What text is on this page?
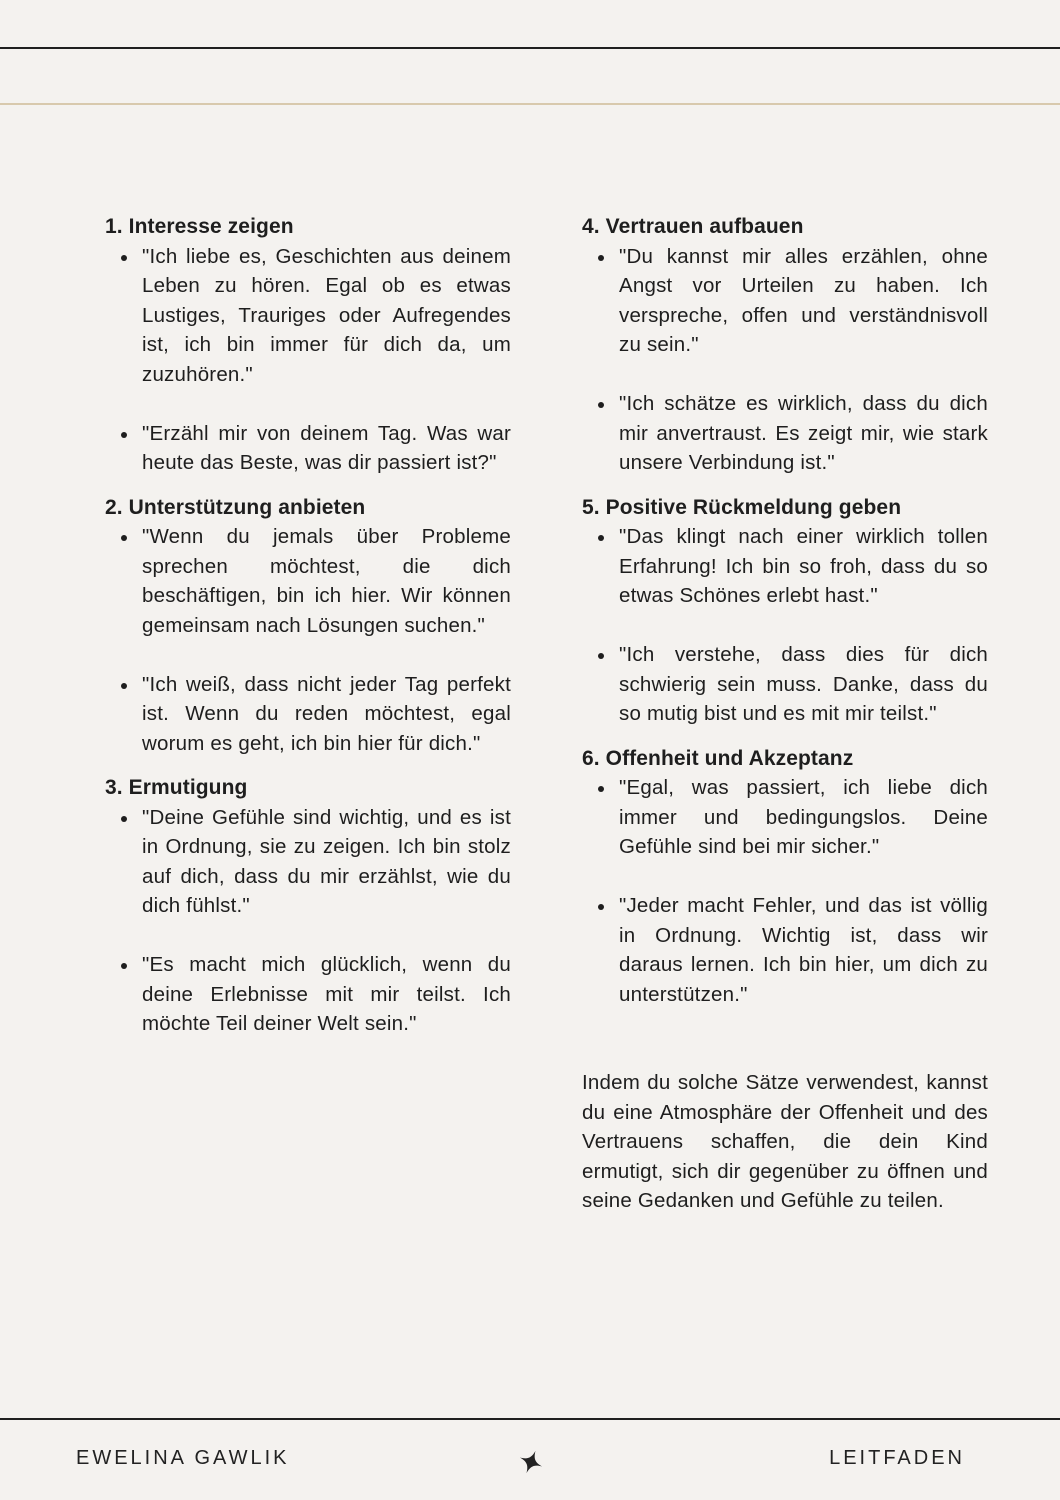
1. Interesse zeigen
"Ich liebe es, Geschichten aus deinem Leben zu hören. Egal ob es etwas Lustiges, Trauriges oder Aufregendes ist, ich bin immer für dich da, um zuzuhören."
"Erzähl mir von deinem Tag. Was war heute das Beste, was dir passiert ist?"
2. Unterstützung anbieten
"Wenn du jemals über Probleme sprechen möchtest, die dich beschäftigen, bin ich hier. Wir können gemeinsam nach Lösungen suchen."
"Ich weiß, dass nicht jeder Tag perfekt ist. Wenn du reden möchtest, egal worum es geht, ich bin hier für dich."
3. Ermutigung
"Deine Gefühle sind wichtig, und es ist in Ordnung, sie zu zeigen. Ich bin stolz auf dich, dass du mir erzählst, wie du dich fühlst."
"Es macht mich glücklich, wenn du deine Erlebnisse mit mir teilst. Ich möchte Teil deiner Welt sein."
4. Vertrauen aufbauen
"Du kannst mir alles erzählen, ohne Angst vor Urteilen zu haben. Ich verspreche, offen und verständnisvoll zu sein."
"Ich schätze es wirklich, dass du dich mir anvertraust. Es zeigt mir, wie stark unsere Verbindung ist."
5. Positive Rückmeldung geben
"Das klingt nach einer wirklich tollen Erfahrung! Ich bin so froh, dass du so etwas Schönes erlebt hast."
"Ich verstehe, dass dies für dich schwierig sein muss. Danke, dass du so mutig bist und es mit mir teilst."
6. Offenheit und Akzeptanz
"Egal, was passiert, ich liebe dich immer und bedingungslos. Deine Gefühle sind bei mir sicher."
"Jeder macht Fehler, und das ist völlig in Ordnung. Wichtig ist, dass wir daraus lernen. Ich bin hier, um dich zu unterstützen."

Indem du solche Sätze verwendest, kannst du eine Atmosphäre der Offenheit und des Vertrauens schaffen, die dein Kind ermutigt, sich dir gegenüber zu öffnen und seine Gedanken und Gefühle zu teilen.

EWELINA GAWLIK	LEITFADEN
